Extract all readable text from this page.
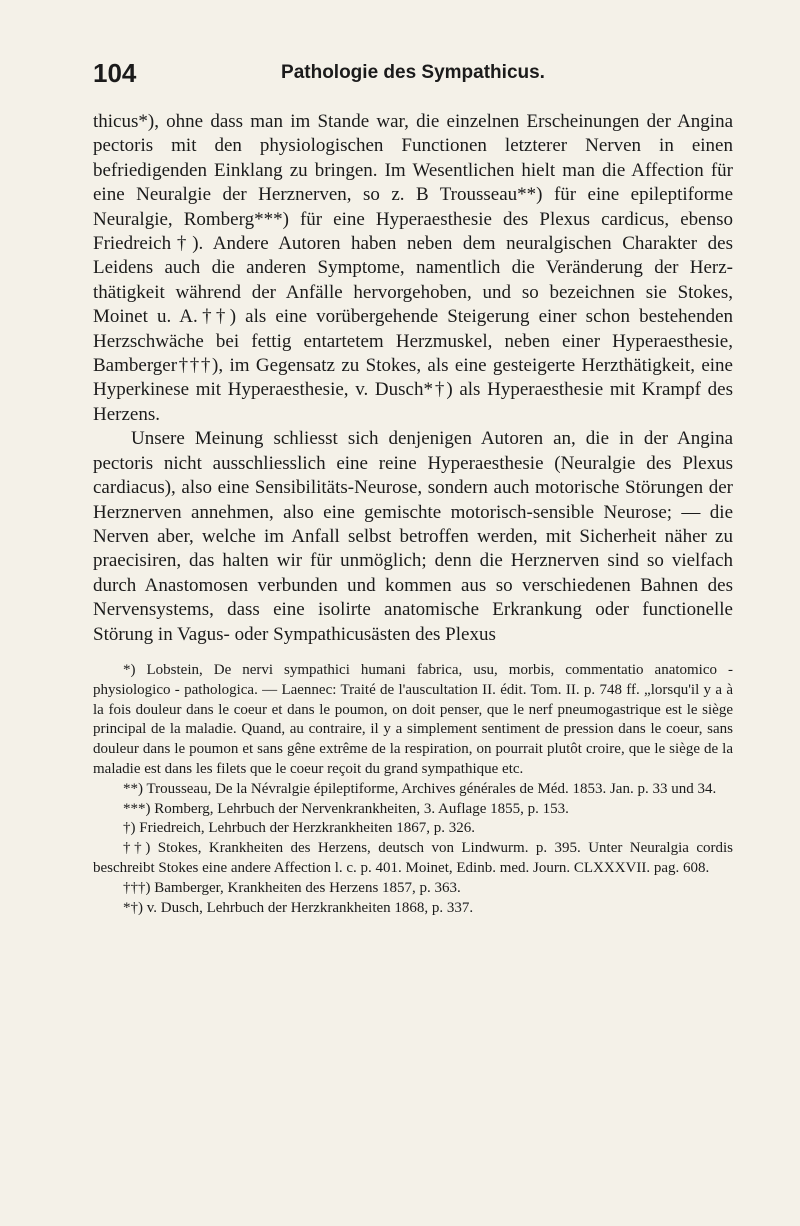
104	Pathologie des Sympathicus.

thicus*), ohne dass man im Stande war, die einzelnen Erscheinungen der Angina pectoris mit den physiologischen Functionen letzterer Nerven in einen befriedigenden Einklang zu bringen. Im Wesentlichen hielt man die Affection für eine Neuralgie der Herznerven, so z. B Trousseau**) für eine epileptiforme Neuralgie, Romberg***) für eine Hyperaesthesie des Plexus cardicus, ebenso Friedreich†). Andere Autoren haben neben dem neuralgischen Charakter des Leidens auch die anderen Symptome, namentlich die Veränderung der Herz-thätigkeit während der Anfälle hervorgehoben, und so bezeichnen sie Stokes, Moinet u. A.††) als eine vorübergehende Steigerung einer schon bestehenden Herzschwäche bei fettig entartetem Herzmuskel, neben einer Hyperaesthesie, Bamberger†††), im Gegensatz zu Stokes, als eine gesteigerte Herzthätigkeit, eine Hyperkinese mit Hyperaesthesie, v. Dusch*†) als Hyperaesthesie mit Krampf des Herzens.

Unsere Meinung schliesst sich denjenigen Autoren an, die in der Angina pectoris nicht ausschliesslich eine reine Hyperaesthesie (Neuralgie des Plexus cardiacus), also eine Sensibilitäts-Neurose, sondern auch motorische Störungen der Herznerven annehmen, also eine gemischte motorisch-sensible Neurose; — die Nerven aber, welche im Anfall selbst betroffen werden, mit Sicherheit näher zu praecisiren, das halten wir für unmöglich; denn die Herznerven sind so vielfach durch Anastomosen verbunden und kommen aus so verschiedenen Bahnen des Nervensystems, dass eine isolirte anatomische Erkrankung oder functionelle Störung in Vagus- oder Sympathicusästen des Plexus

*) Lobstein, De nervi sympathici humani fabrica, usu, morbis, commentatio anatomico - physiologico - pathologica. — Laennec: Traité de l'auscultation II. édit. Tom. II. p. 748 ff. „lorsqu'il y a à la fois douleur dans le coeur et dans le poumon, on doit penser, que le nerf pneumogastrique est le siège principal de la maladie. Quand, au contraire, il y a simplement sentiment de pression dans le coeur, sans douleur dans le poumon et sans gêne extrême de la respiration, on pourrait plutôt croire, que le siège de la maladie est dans les filets que le coeur reçoit du grand sympathique etc.

**) Trousseau, De la Névralgie épileptiforme, Archives générales de Méd. 1853. Jan. p. 33 und 34.

***) Romberg, Lehrbuch der Nervenkrankheiten, 3. Auflage 1855, p. 153.

†) Friedreich, Lehrbuch der Herzkrankheiten 1867, p. 326.

††) Stokes, Krankheiten des Herzens, deutsch von Lindwurm. p. 395. Unter Neuralgia cordis beschreibt Stokes eine andere Affection l. c. p. 401. Moinet, Edinb. med. Journ. CLXXXVII. pag. 608.

†††) Bamberger, Krankheiten des Herzens 1857, p. 363.

*†) v. Dusch, Lehrbuch der Herzkrankheiten 1868, p. 337.
